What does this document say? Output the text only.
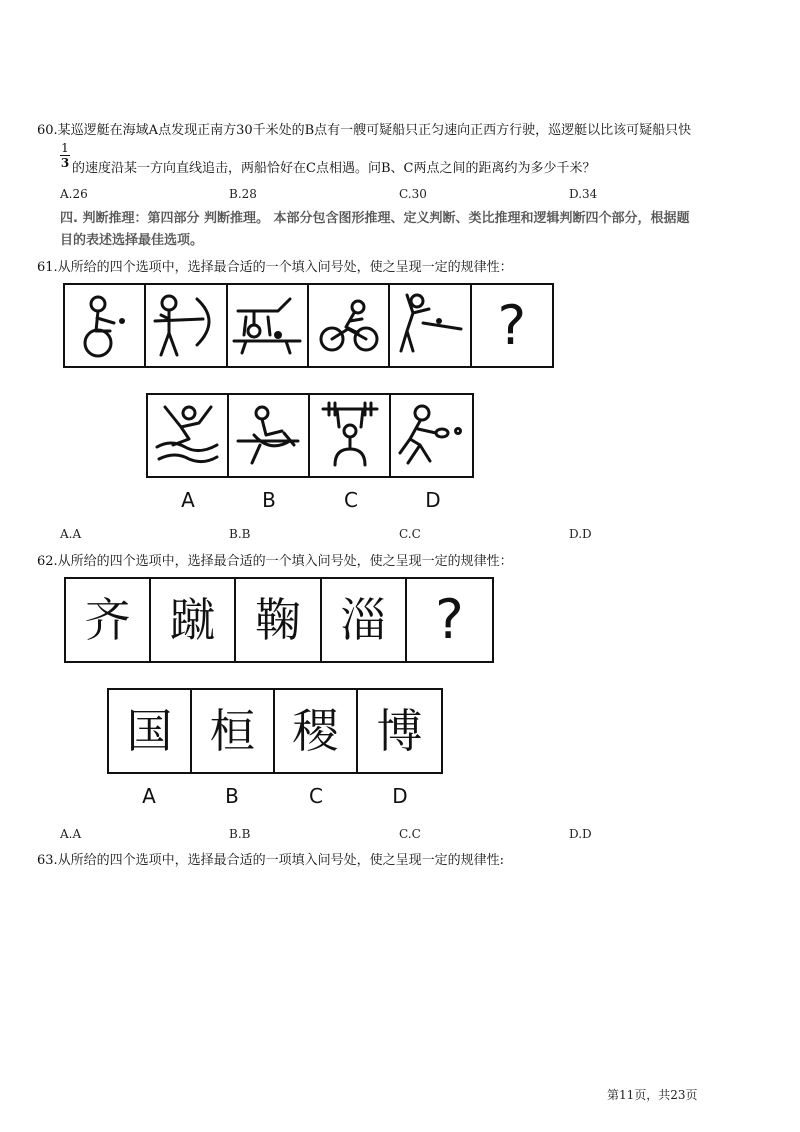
60.某巡逻艇在海域A点发现正南方30千米处的B点有一艘可疑船只正匀速向正西方行驶，巡逻艇以比该可疑船只快
$\frac{1}{3}$ 的速度沿某一方向直线追击，两船恰好在C点相遇。问B、C两点之间的距离约为多少千米？
A.26	B.28	C.30	D.34
四. 判断推理：第四部分 判断推理。 本部分包含图形推理、定义判断、类比推理和逻辑判断四个部分，根据题
目的表述选择最佳选项。
61.从所给的四个选项中，选择最合适的一个填入问号处，使之呈现一定的规律性：
?
A	B	C	D
A.A	B.B	C.C	D.D
62.从所给的四个选项中，选择最合适的一个填入问号处，使之呈现一定的规律性：
齐 蹴 鞠 淄 ?
国 桓 稷 博
A	B	C	D
A.A	B.B	C.C	D.D
63.从所给的四个选项中，选择最合适的一项填入问号处，使之呈现一定的规律性:
第11页，共23页
